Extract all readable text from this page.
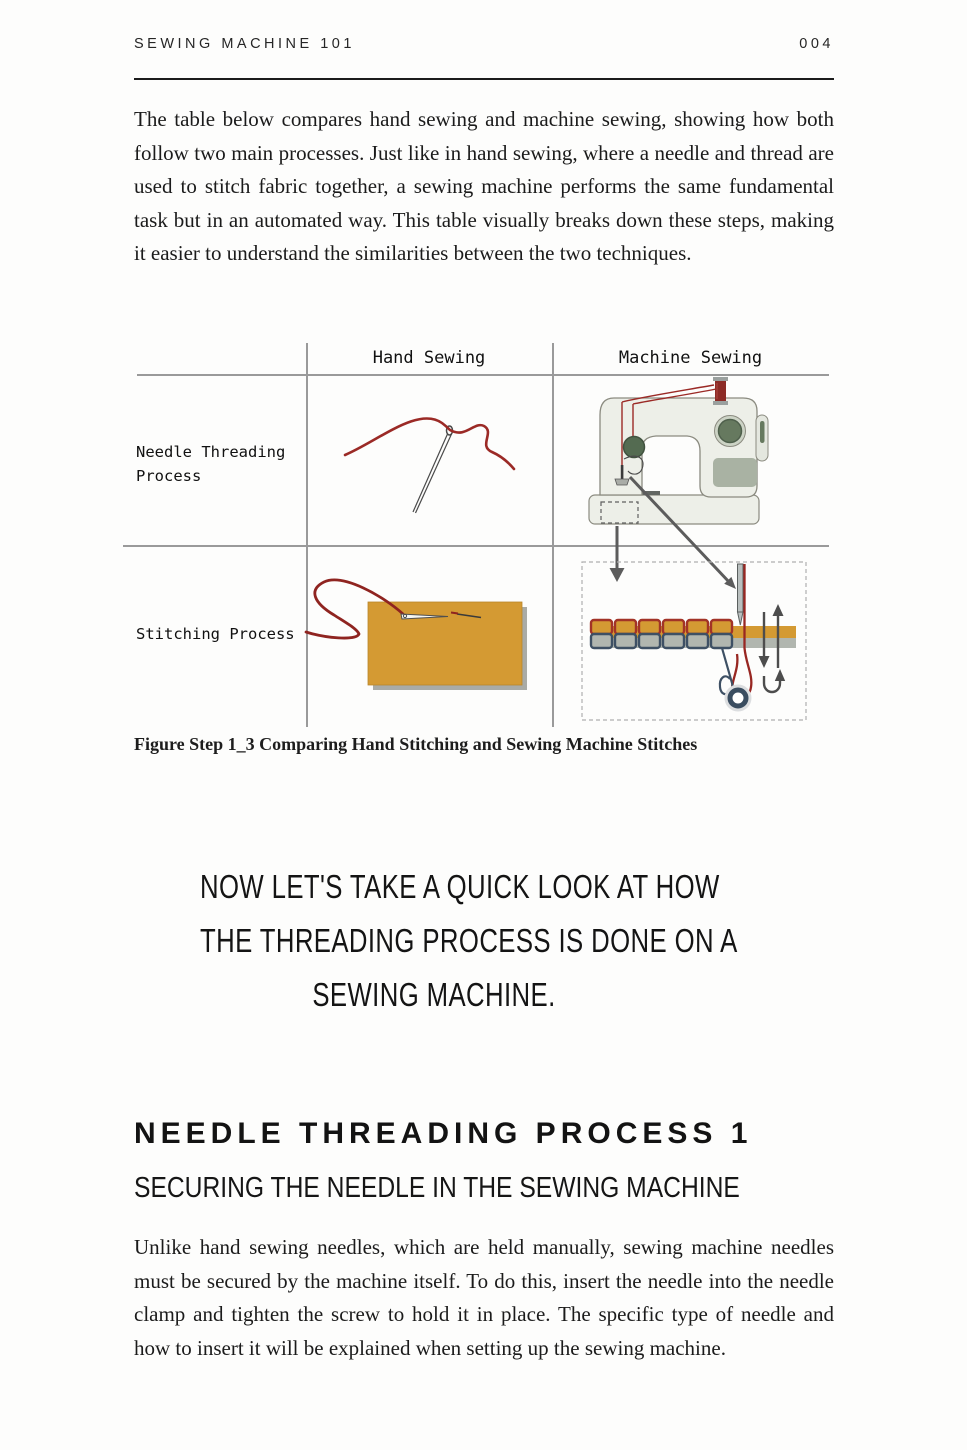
SEWING MACHINE 101	004
The table below compares hand sewing and machine sewing, showing how both follow two main processes. Just like in hand sewing, where a needle and thread are used to stitch fabric together, a sewing machine performs the same fundamental task but in an automated way. This table visually breaks down these steps, making it easier to understand the similarities between the two techniques.
Hand Sewing	Machine Sewing
Needle Threading Process
Stitching Process
Figure Step 1_3 Comparing Hand Stitching and Sewing Machine Stitches
NOW LET'S TAKE A QUICK LOOK AT HOW
THE THREADING PROCESS IS DONE ON A
SEWING MACHINE.
NEEDLE THREADING PROCESS 1
SECURING THE NEEDLE IN THE SEWING MACHINE
Unlike hand sewing needles, which are held manually, sewing machine needles must be secured by the machine itself. To do this, insert the needle into the needle clamp and tighten the screw to hold it in place. The specific type of needle and how to insert it will be explained when setting up the sewing machine.
